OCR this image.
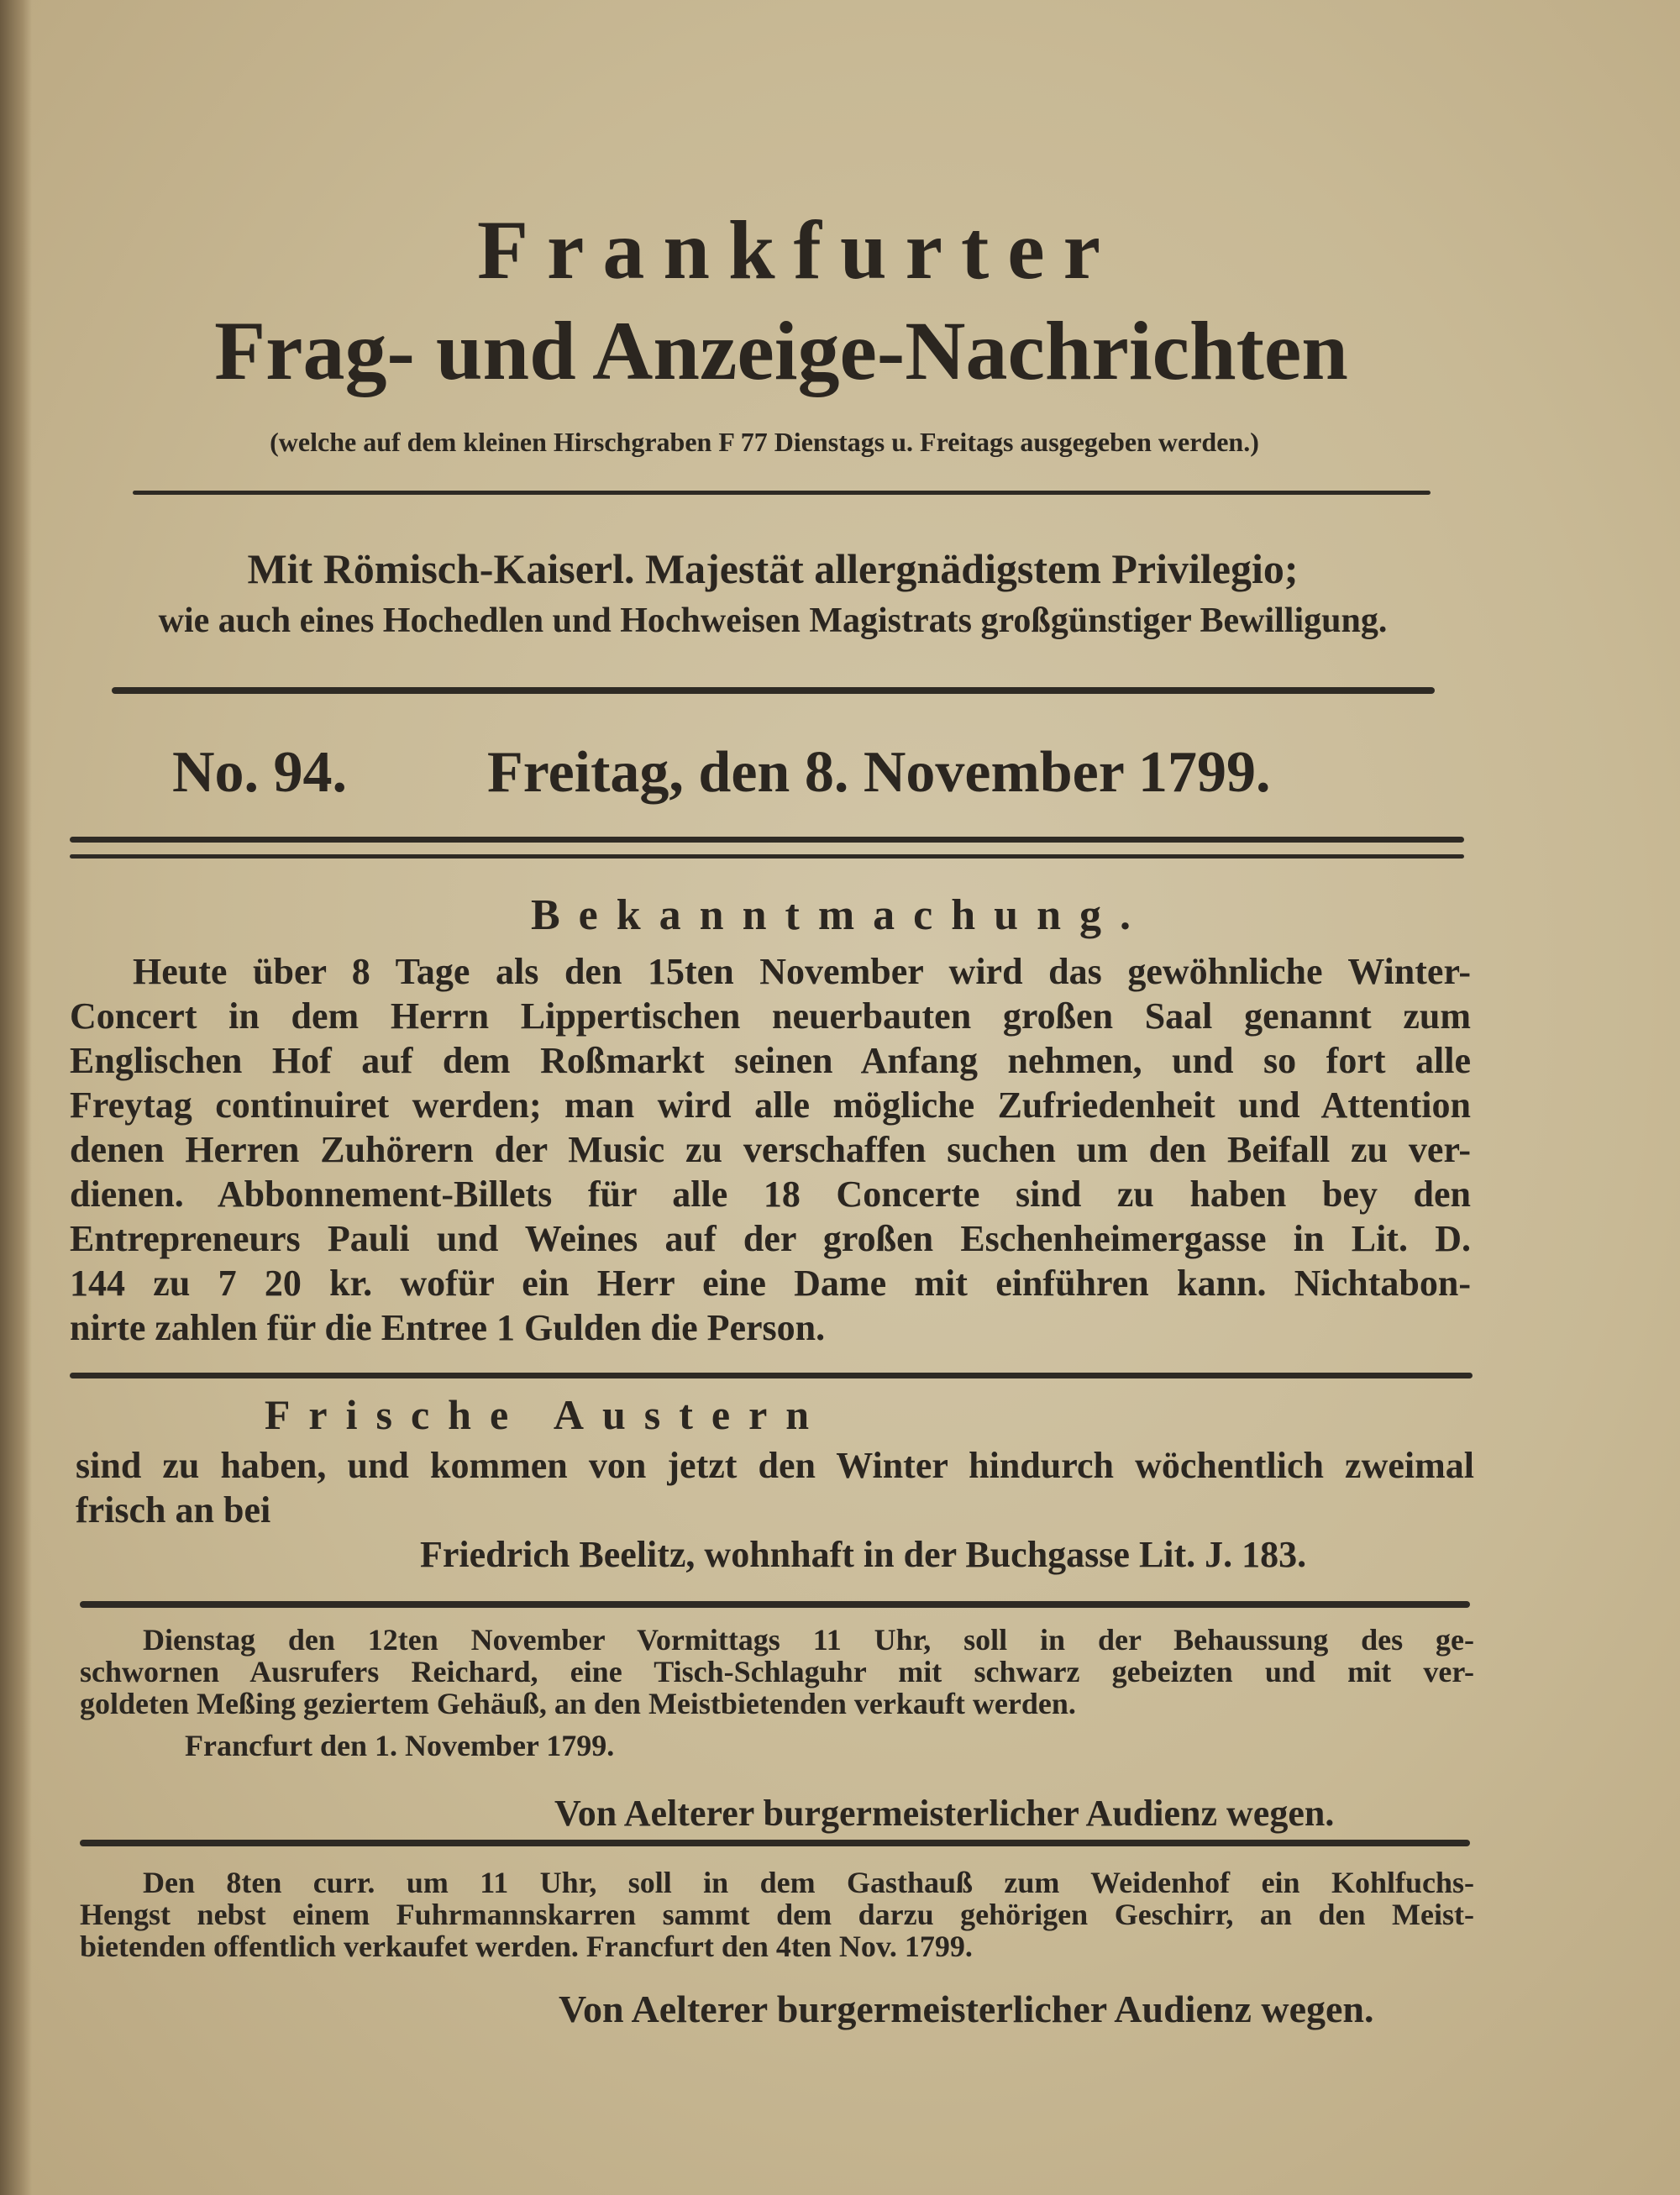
Frankfurter
Frag- und Anzeige-Nachrichten
(welche auf dem kleinen Hirschgraben F 77 Dienstags u. Freitags ausgegeben werden.)
Mit Römisch-Kaiserl. Majestät allergnädigstem Privilegio;
wie auch eines Hochedlen und Hochweisen Magistrats großgünstiger Bewilligung.
No. 94. Freitag, den 8. November 1799.
Bekanntmachung.
Heute über 8 Tage als den 15ten November wird das gewöhnliche Winter-
Concert in dem Herrn Lippertischen neuerbauten großen Saal genannt zum
Englischen Hof auf dem Roßmarkt seinen Anfang nehmen, und so fort alle
Freytag continuiret werden; man wird alle mögliche Zufriedenheit und Attention
denen Herren Zuhörern der Music zu verschaffen suchen um den Beifall zu ver-
dienen. Abbonnement-Billets für alle 18 Concerte sind zu haben bey den
Entrepreneurs Pauli und Weines auf der großen Eschenheimergasse in Lit. D.
144 zu 7 20 kr. wofür ein Herr eine Dame mit einführen kann. Nichtabon-
nirte zahlen für die Entree 1 Gulden die Person.
Frische Austern
sind zu haben, und kommen von jetzt den Winter hindurch wöchentlich zweimal
frisch an bei
Friedrich Beelitz, wohnhaft in der Buchgasse Lit. J. 183.
Dienstag den 12ten November Vormittags 11 Uhr, soll in der Behaussung des ge-
schwornen Ausrufers Reichard, eine Tisch-Schlaguhr mit schwarz gebeizten und mit ver-
goldeten Meßing geziertem Gehäuß, an den Meistbietenden verkauft werden.
Francfurt den 1. November 1799.
Von Aelterer burgermeisterlicher Audienz wegen.
Den 8ten curr. um 11 Uhr, soll in dem Gasthauß zum Weidenhof ein Kohlfuchs-
Hengst nebst einem Fuhrmannskarren sammt dem darzu gehörigen Geschirr, an den Meist-
bietenden offentlich verkaufet werden. Francfurt den 4ten Nov. 1799.
Von Aelterer burgermeisterlicher Audienz wegen.
